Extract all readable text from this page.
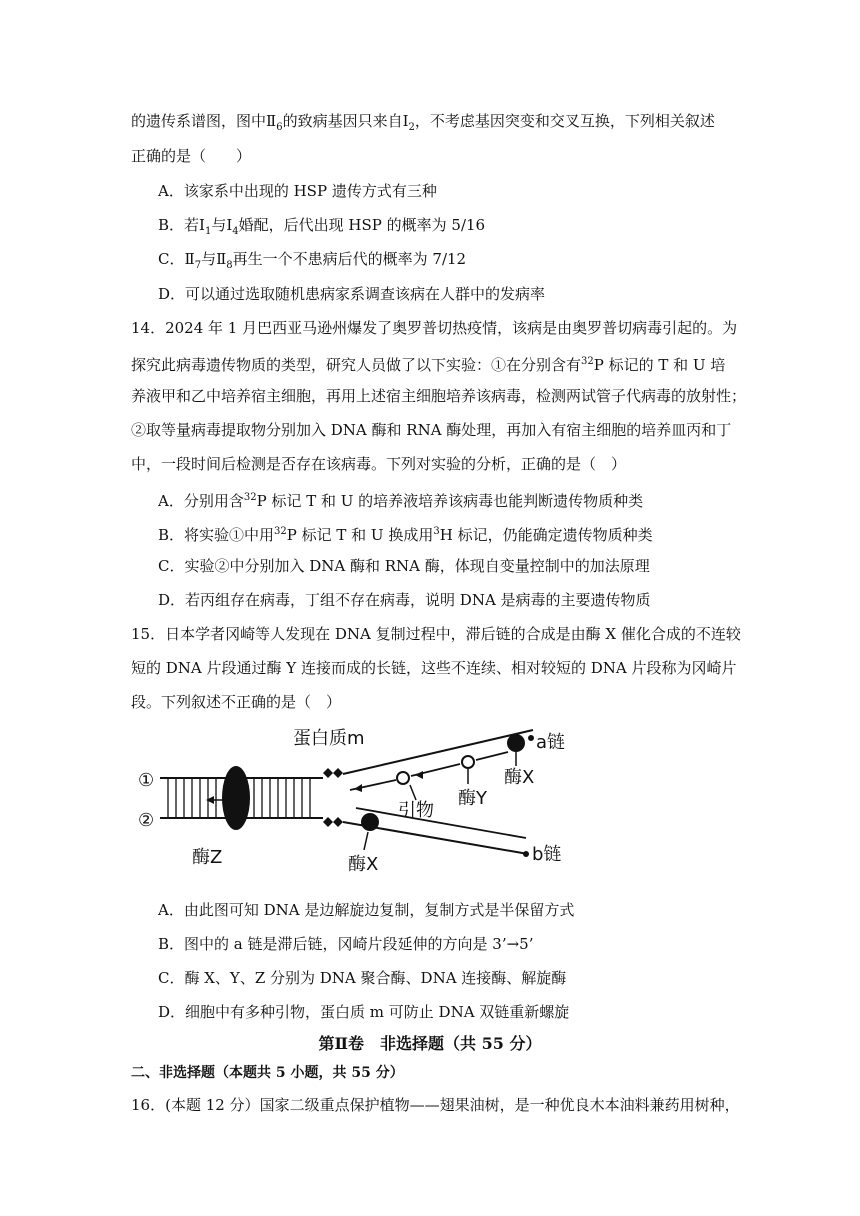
的遗传系谱图，图中$Ⅱ_6$的致病基因只来自$Ⅰ_2$，不考虑基因突变和交叉互换，下列相关叙述
正确的是（　　）
A．该家系中出现的 HSP 遗传方式有三种
B．若$Ⅰ_1$与$Ⅰ_4$婚配，后代出现 HSP 的概率为 5/16
C．$Ⅱ_7$与$Ⅱ_8$再生一个不患病后代的概率为 7/12
D．可以通过选取随机患病家系调查该病在人群中的发病率
14．2024 年 1 月巴西亚马逊州爆发了奥罗普切热疫情，该病是由奥罗普切病毒引起的。为
探究此病毒遗传物质的类型，研究人员做了以下实验：①在分别含有$^{32}$P 标记的 T 和 U 培
养液甲和乙中培养宿主细胞，再用上述宿主细胞培养该病毒，检测两试管子代病毒的放射性；
②取等量病毒提取物分别加入 DNA 酶和 RNA 酶处理，再加入有宿主细胞的培养皿丙和丁
中，一段时间后检测是否存在该病毒。下列对实验的分析，正确的是（　）
A．分别用含$^{32}$P 标记 T 和 U 的培养液培养该病毒也能判断遗传物质种类
B．将实验①中用$^{32}$P 标记 T 和 U 换成用$^3$H 标记，仍能确定遗传物质种类
C．实验②中分别加入 DNA 酶和 RNA 酶，体现自变量控制中的加法原理
D．若丙组存在病毒，丁组不存在病毒，说明 DNA 是病毒的主要遗传物质
15．日本学者冈崎等人发现在 DNA 复制过程中，滞后链的合成是由酶 X 催化合成的不连较
短的 DNA 片段通过酶 Y 连接而成的长链，这些不连续、相对较短的 DNA 片段称为冈崎片
段。下列叙述不正确的是（　）
①
②
酶Z
蛋白质m	a链
酶X
酶Y
引物
b链
酶X
A．由此图可知 DNA 是边解旋边复制，复制方式是半保留方式
B．图中的 a 链是滞后链，冈崎片段延伸的方向是 3’→5’
C．酶 X、Y、Z 分别为 DNA 聚合酶、DNA 连接酶、解旋酶
D．细胞中有多种引物，蛋白质 m 可防止 DNA 双链重新螺旋
第Ⅱ卷　非选择题（共 55 分）
二、非选择题（本题共 5 小题，共 55 分）
16．(本题 12 分）国家二级重点保护植物——翅果油树，是一种优良木本油料兼药用树种，
